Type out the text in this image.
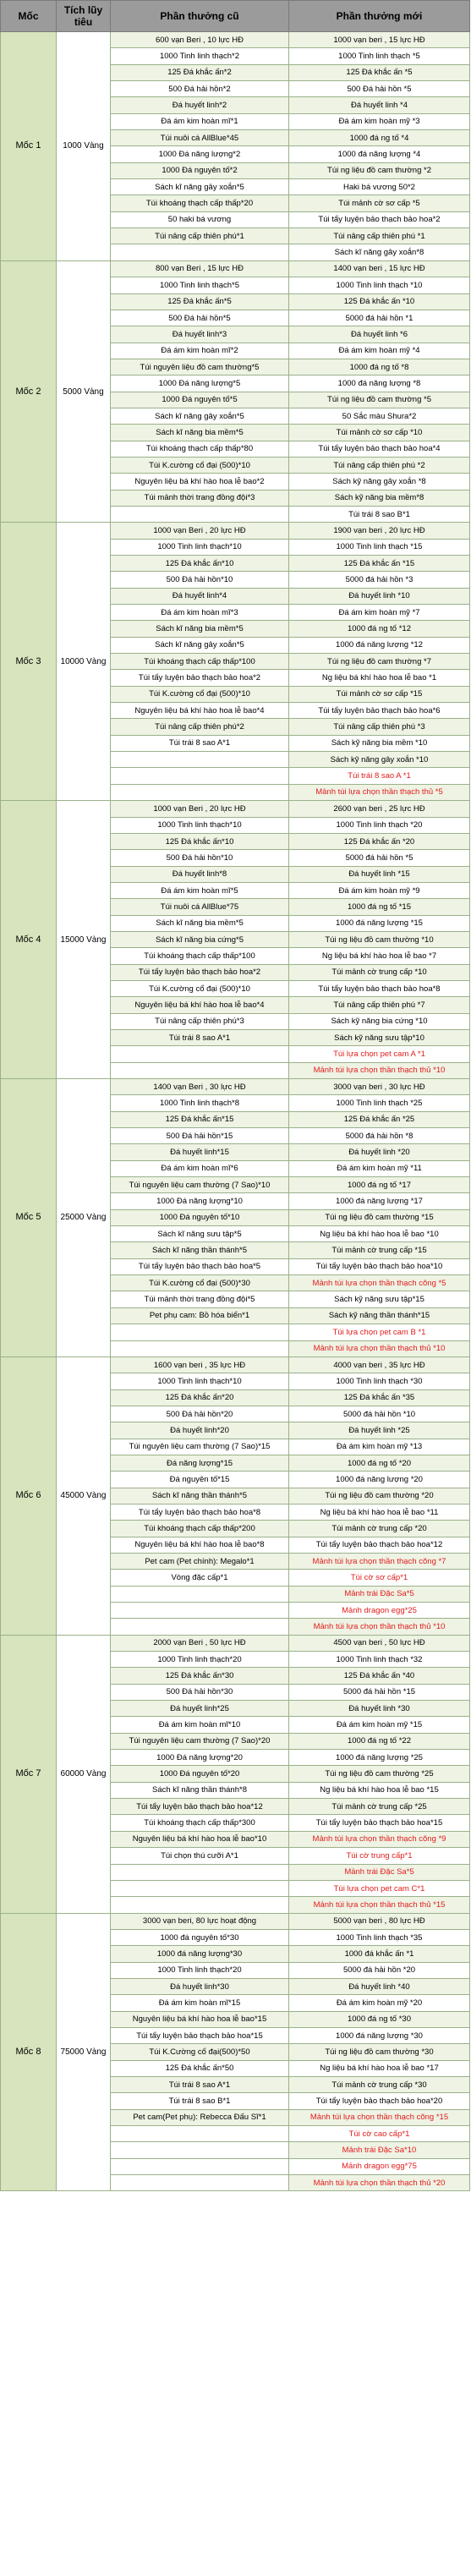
Mốc	Tích lũy tiêu	Phần thưởng cũ	Phần thưởng mới
Mốc 1	1000 Vàng	600 vạn Beri , 10 lực HĐ	1000 vạn beri , 15 lực HĐ
		1000 Tinh linh thạch*2	1000 Tinh linh thạch *5
		125 Đá khắc ấn*2	125 Đá khắc ấn *5
		500 Đá hải hồn*2	500 Đá hải hồn *5
		Đá huyết linh*2	Đá huyết linh *4
		Đá ám kim hoàn mĩ*1	Đá ám kim hoàn mỹ *3
		Túi nuôi cá AllBlue*45	1000 đá ng tố *4
		1000 Đá năng lượng*2	1000 đá năng lượng *4
		1000 Đá nguyên tố*2	Túi ng liệu đồ cam thường *2
		Sách kĩ năng gây xoắn*5	Haki bá vương 50*2
		Túi khoáng thạch cấp thấp*20	Túi mảnh cờ sơ cấp *5
		50 haki bá vương	Túi tẩy luyện bảo thạch bảo hoa*2
		Túi nâng cấp thiên phú*1	Túi nâng cấp thiên phú *1
			Sách kĩ năng gây xoắn*8
Mốc 2	5000 Vàng	800 vạn Beri , 15 lực HĐ	1400 vạn beri , 15 lực HĐ
		1000 Tinh linh thạch*5	1000 Tinh linh thạch *10
		125 Đá khắc ấn*5	125 Đá khắc ấn *10
		500 Đá hải hồn*5	5000 đá hải hồn *1
		Đá huyết linh*3	Đá huyết linh *6
		Đá ám kim hoàn mĩ*2	Đá ám kim hoàn mỹ *4
		Túi nguyên liệu đồ cam thường*5	1000 đá ng tố *8
		1000 Đá năng lượng*5	1000 đá năng lượng *8
		1000 Đá nguyên tố*5	Túi ng liệu đồ cam thường *5
		Sách kĩ năng gây xoắn*5	50 Sắc màu Shura*2
		Sách kĩ năng bia mềm*5	Túi mảnh cờ sơ cấp *10
		Túi khoáng thạch cấp thấp*80	Túi tẩy luyện bảo thạch bảo hoa*4
		Túi K.cường cổ đại (500)*10	Túi nâng cấp thiên phú *2
		Nguyên liệu bá khí hào hoa lễ bao*2	Sách kỹ năng gây xoắn *8
		Túi mảnh thời trang đồng đội*3	Sách kỹ năng bia mềm*8
			Túi trái 8 sao B*1
Mốc 3	10000 Vàng	1000 vạn Beri , 20 lực HĐ	1900 vạn beri , 20 lực HĐ
		1000 Tinh linh thạch*10	1000 Tinh linh thạch *15
		125 Đá khắc ấn*10	125 Đá khắc ấn *15
		500 Đá hải hồn*10	5000 đá hải hồn *3
		Đá huyết linh*4	Đá huyết linh *10
		Đá ám kim hoàn mĩ*3	Đá ám kim hoàn mỹ *7
		Sách kĩ năng bia mềm*5	1000 đá ng tố *12
		Sách kĩ năng gây xoắn*5	1000 đá năng lượng *12
		Túi khoáng thạch cấp thấp*100	Túi ng liệu đồ cam thường *7
		Túi tẩy luyện bảo thạch bảo hoa*2	Ng liệu bá khí hào hoa lễ bao *1
		Túi K.cường cổ đại (500)*10	Túi mảnh cờ sơ cấp *15
		Nguyên liệu bá khí hào hoa lễ bao*4	Túi tẩy luyện bảo thạch bảo hoa*6
		Túi nâng cấp thiên phú*2	Túi nâng cấp thiên phú *3
		Túi trái 8 sao A*1	Sách kỹ năng bia mềm *10
			Sách kỹ năng gây xoắn *10
			Túi trái 8 sao A *1
			Mảnh túi lựa chọn thần thạch thủ *5
Mốc 4	15000 Vàng	1000 vạn Beri , 20 lực HĐ	2600 vạn beri , 25 lực HĐ
		1000 Tinh linh thạch*10	1000 Tinh linh thạch *20
		125 Đá khắc ấn*10	125 Đá khắc ấn *20
		500 Đá hải hồn*10	5000 đá hải hồn *5
		Đá huyết linh*8	Đá huyết linh *15
		Đá ám kim hoàn mĩ*5	Đá ám kim hoàn mỹ *9
		Túi nuôi cá AllBlue*75	1000 đá ng tố *15
		Sách kĩ năng bia mềm*5	1000 đá năng lượng *15
		Sách kĩ năng bia cứng*5	Túi ng liệu đồ cam thường *10
		Túi khoáng thạch cấp thấp*100	Ng liệu bá khí hào hoa lễ bao *7
		Túi tẩy luyện bảo thạch bảo hoa*2	Túi mảnh cờ trung cấp *10
		Túi K.cường cổ đại (500)*10	Túi tẩy luyện bảo thạch bảo hoa*8
		Nguyên liệu bá khí hào hoa lễ bao*4	Túi nâng cấp thiên phú *7
		Túi nâng cấp thiên phú*3	Sách kỹ năng bia cứng *10
		Túi trái 8 sao A*1	Sách kỹ năng sưu tập*10
			Túi lựa chọn pet cam A *1
			Mảnh túi lựa chọn thần thạch thủ *10
Mốc 5	25000 Vàng	1400 vạn Beri , 30 lực HĐ	3000 vạn beri , 30 lực HĐ
		1000 Tinh linh thạch*8	1000 Tinh linh thạch *25
		125 Đá khắc ấn*15	125 Đá khắc ấn *25
		500 Đá hải hồn*15	5000 đá hải hồn *8
		Đá huyết linh*15	Đá huyết linh *20
		Đá ám kim hoàn mĩ*6	Đá ám kim hoàn mỹ *11
		Túi nguyên liệu cam thường (7 Sao)*10	1000 đá ng tố *17
		1000 Đá năng lượng*10	1000 đá năng lượng *17
		1000 Đá nguyên tố*10	Túi ng liệu đồ cam thường *15
		Sách kĩ năng sưu tập*5	Ng liệu bá khí hào hoa lễ bao *10
		Sách kĩ năng thần thánh*5	Túi mảnh cờ trung cấp *15
		Túi tẩy luyện bảo thạch bảo hoa*5	Túi tẩy luyện bảo thạch bảo hoa*10
		Túi K.cường cổ đại (500)*30	Mảnh túi lựa chọn thần thạch cõng *5
		Túi mảnh thời trang đồng đội*5	Sách kỹ năng sưu tập*15
		Pet phụ cam: Bồ hóa biển*1	Sách kỹ năng thần thánh*15
			Túi lựa chọn pet cam B *1
			Mảnh túi lựa chọn thần thạch thủ *10
Mốc 6	45000 Vàng	1600 vạn beri , 35 lực HĐ	4000 vạn beri , 35 lực HĐ
		1000 Tinh linh thạch*10	1000 Tinh linh thạch *30
		125 Đá khắc ấn*20	125 Đá khắc ấn *35
		500 Đá hải hồn*20	5000 đá hải hồn *10
		Đá huyết linh*20	Đá huyết linh *25
		Túi nguyên liệu cam thường (7 Sao)*15	Đá ám kim hoàn mỹ *13
		Đá năng lượng*15	1000 đá ng tố *20
		Đá nguyên tố*15	1000 đá năng lượng *20
		Sách kĩ năng thần thánh*5	Túi ng liệu đồ cam thường *20
		Túi tẩy luyện bảo thạch bảo hoa*8	Ng liệu bá khí hào hoa lễ bao *11
		Túi khoáng thạch cấp thấp*200	Túi mảnh cờ trung cấp *20
		Nguyên liệu bá khí hào hoa lễ bao*8	Túi tẩy luyện bảo thạch bảo hoa*12
		Pet cam (Pet chính): Megalo*1	Mảnh túi lựa chọn thần thạch cõng *7
		Vòng đặc cấp*1	Túi cờ sơ cấp*1
			Mảnh trái Đặc Sa*5
			Mảnh dragon egg*25
			Mảnh túi lựa chọn thần thạch thủ *10
Mốc 7	60000 Vàng	2000 vạn Beri , 50 lực HĐ	4500 vạn beri , 50 lực HĐ
		1000 Tinh linh thạch*20	1000 Tinh linh thạch *32
		125 Đá khắc ấn*30	125 Đá khắc ấn *40
		500 Đá hải hồn*30	5000 đá hải hồn *15
		Đá huyết linh*25	Đá huyết linh *30
		Đá ám kim hoàn mĩ*10	Đá ám kim hoàn mỹ *15
		Túi nguyên liệu cam thường (7 Sao)*20	1000 đá ng tố *22
		1000 Đá năng lượng*20	1000 đá năng lượng *25
		1000 Đá nguyên tố*20	Túi ng liệu đồ cam thường *25
		Sách kĩ năng thần thánh*8	Ng liệu bá khí hào hoa lễ bao *15
		Túi tẩy luyện bảo thạch bảo hoa*12	Túi mảnh cờ trung cấp *25
		Túi khoáng thạch cấp thấp*300	Túi tẩy luyện bảo thạch bảo hoa*15
		Nguyên liệu bá khí hào hoa lễ bao*10	Mảnh túi lựa chọn thần thạch cõng *9
		Túi chọn thú cưỡi A*1	Túi cờ trung cấp*1
			Mảnh trái Đặc Sa*5
			Túi lựa chọn pet cam C*1
			Mảnh túi lựa chọn thần thạch thủ *15
Mốc 8	75000 Vàng	3000 vạn beri, 80 lực hoạt động	5000 vạn beri , 80 lực HĐ
		1000 đá nguyên tố*30	1000 Tinh linh thạch *35
		1000 đá năng lượng*30	1000 đá khắc ấn *1
		1000 Tinh linh thạch*20	5000 đá hải hồn *20
		Đá huyết linh*30	Đá huyết linh *40
		Đá ám kim hoàn mĩ*15	Đá ám kim hoàn mỹ *20
		Nguyên liệu bá khí hào hoa lễ bao*15	1000 đá ng tố *30
		Túi tẩy luyện bảo thạch bảo hoa*15	1000 đá năng lượng *30
		Túi K.Cường cổ đại(500)*50	Túi ng liệu đồ cam thường *30
		125 Đá khắc ấn*50	Ng liệu bá khí hào hoa lễ bao *17
		Túi trái 8 sao A*1	Túi mảnh cờ trung cấp *30
		Túi trái 8 sao B*1	Túi tẩy luyện bảo thạch bảo hoa*20
		Pet cam(Pet phụ): Rebecca Đấu Sĩ*1	Mảnh túi lựa chọn thần thạch cõng *15
			Túi cờ cao cấp*1
			Mảnh trái Đặc Sa*10
			Mảnh dragon egg*75
			Mảnh túi lựa chọn thần thạch thủ *20
